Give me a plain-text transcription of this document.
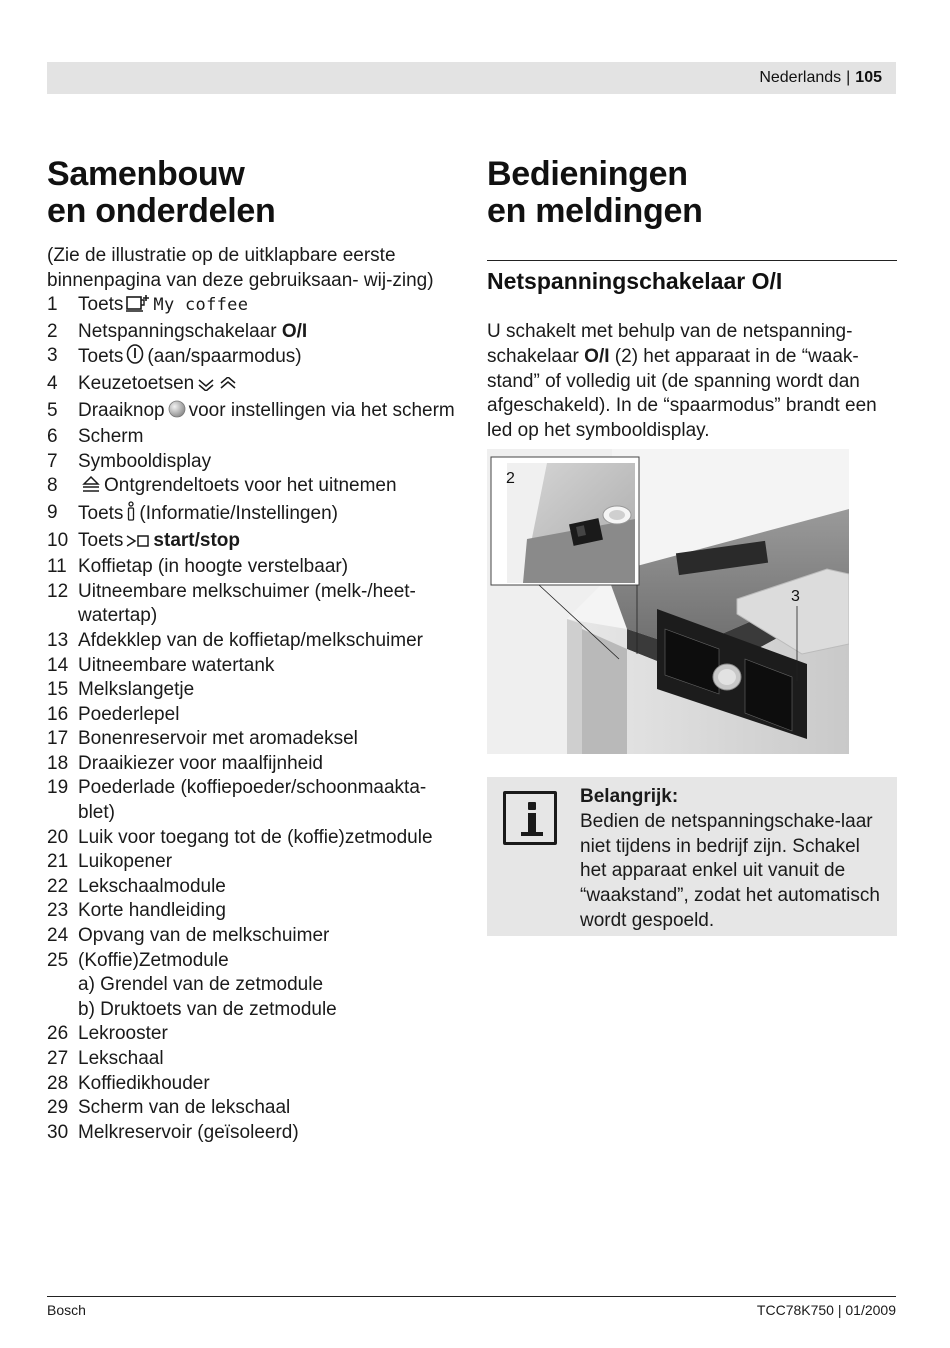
Nederlands | 105
Samenbouw
en onderdelen
(Zie de illustratie op de uitklapbare eerste binnenpagina van deze gebruiksaan- wij-zing)
1	Toets My coffee
2	Netspanningschakelaar O/I
3	Toets (aan/spaarmodus)
4	Keuzetoetsen
5	Draaiknop voor instellingen via het scherm
6	Scherm
7	Symbooldisplay
8	Ontgrendeltoets voor het uitnemen
9	Toets (Informatie/Instellingen)
10 Toets start/stop
11 Koffietap (in hoogte verstelbaar)
12 Uitneembare melkschuimer (melk-/heet-watertap)
13 Afdekklep van de koffietap/melkschuimer
14 Uitneembare watertank
15 Melkslangetje
16 Poederlepel
17 Bonenreservoir met aromadeksel
18 Draaikiezer voor maalfijnheid
19 Poederlade (koffiepoeder/schoonmaakta-blet)
20 Luik voor toegang tot de (koffie)zetmodule
21 Luikopener
22 Lekschaalmodule
23 Korte handleiding
24 Opvang van de melkschuimer
25 (Koffie)Zetmodule
a) Grendel van de zetmodule
b) Druktoets van de zetmodule
26 Lekrooster
27 Lekschaal
28 Koffiedikhouder
29 Scherm van de lekschaal
30 Melkreservoir (geïsoleerd)
Bedieningen
en meldingen
Netspanningschakelaar O/I
U schakelt met behulp van de netspanning-schakelaar O/I (2) het apparaat in de “waak-stand” of volledig uit (de spanning wordt dan afgeschakeld). In de “spaarmodus” brandt een led op het symbooldisplay.
2
3
Belangrijk:
Bedien de netspanningschake-laar niet tijdens in bedrijf zijn. Schakel het apparaat enkel uit vanuit de “waakstand”, zodat het automatisch wordt gespoeld.
Bosch	TCC78K750 | 01/2009
